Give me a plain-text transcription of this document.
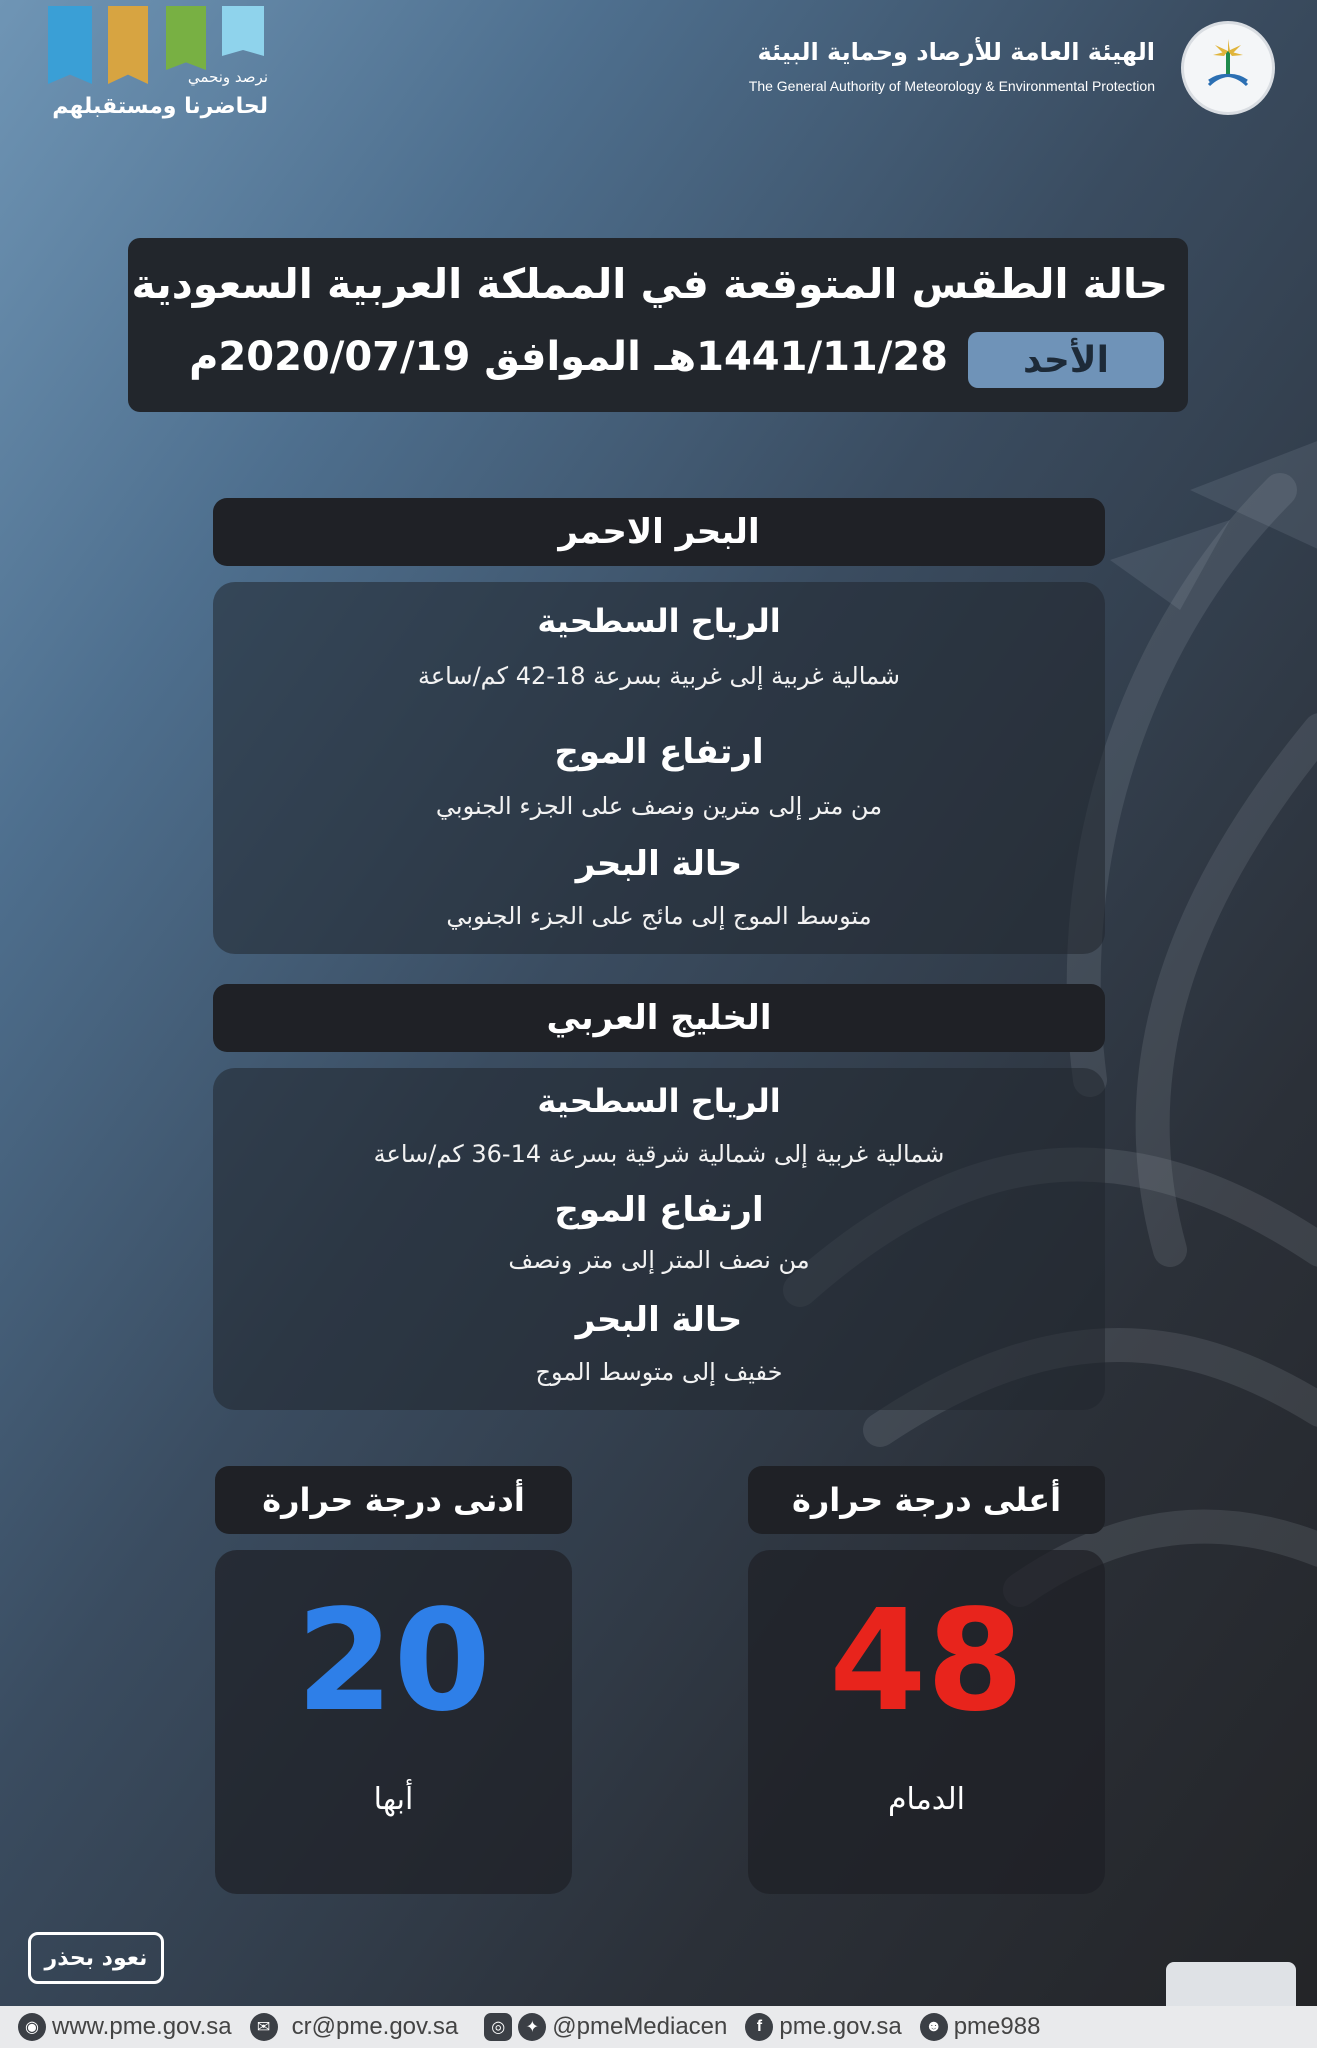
الهيئة العامة للأرصاد وحماية البيئة
The General Authority of Meteorology & Environmental Protection
نرصد ونحمي
لحاضرنا ومستقبلهم
حالة الطقس المتوقعة في المملكة العربية السعودية
الأحد
1441/11/28هـ الموافق 2020/07/19م
البحر الاحمر
الرياح السطحية
شمالية غربية إلى غربية بسرعة 18-42 كم/ساعة
ارتفاع الموج
من متر إلى مترين ونصف على الجزء الجنوبي
حالة البحر
متوسط الموج إلى مائج على الجزء الجنوبي
الخليج العربي
الرياح السطحية
شمالية غربية إلى شمالية شرقية بسرعة 14-36 كم/ساعة
ارتفاع الموج
من نصف المتر إلى متر ونصف
حالة البحر
خفيف إلى متوسط الموج
أعلى درجة حرارة
48
الدمام
أدنى درجة حرارة
20
أبها
نعود بحذر
◉ www.pme.gov.sa	✉ cr@pme.gov.sa	◎	✦ @pmeMediacen	f pme.gov.sa	☻ pme988
